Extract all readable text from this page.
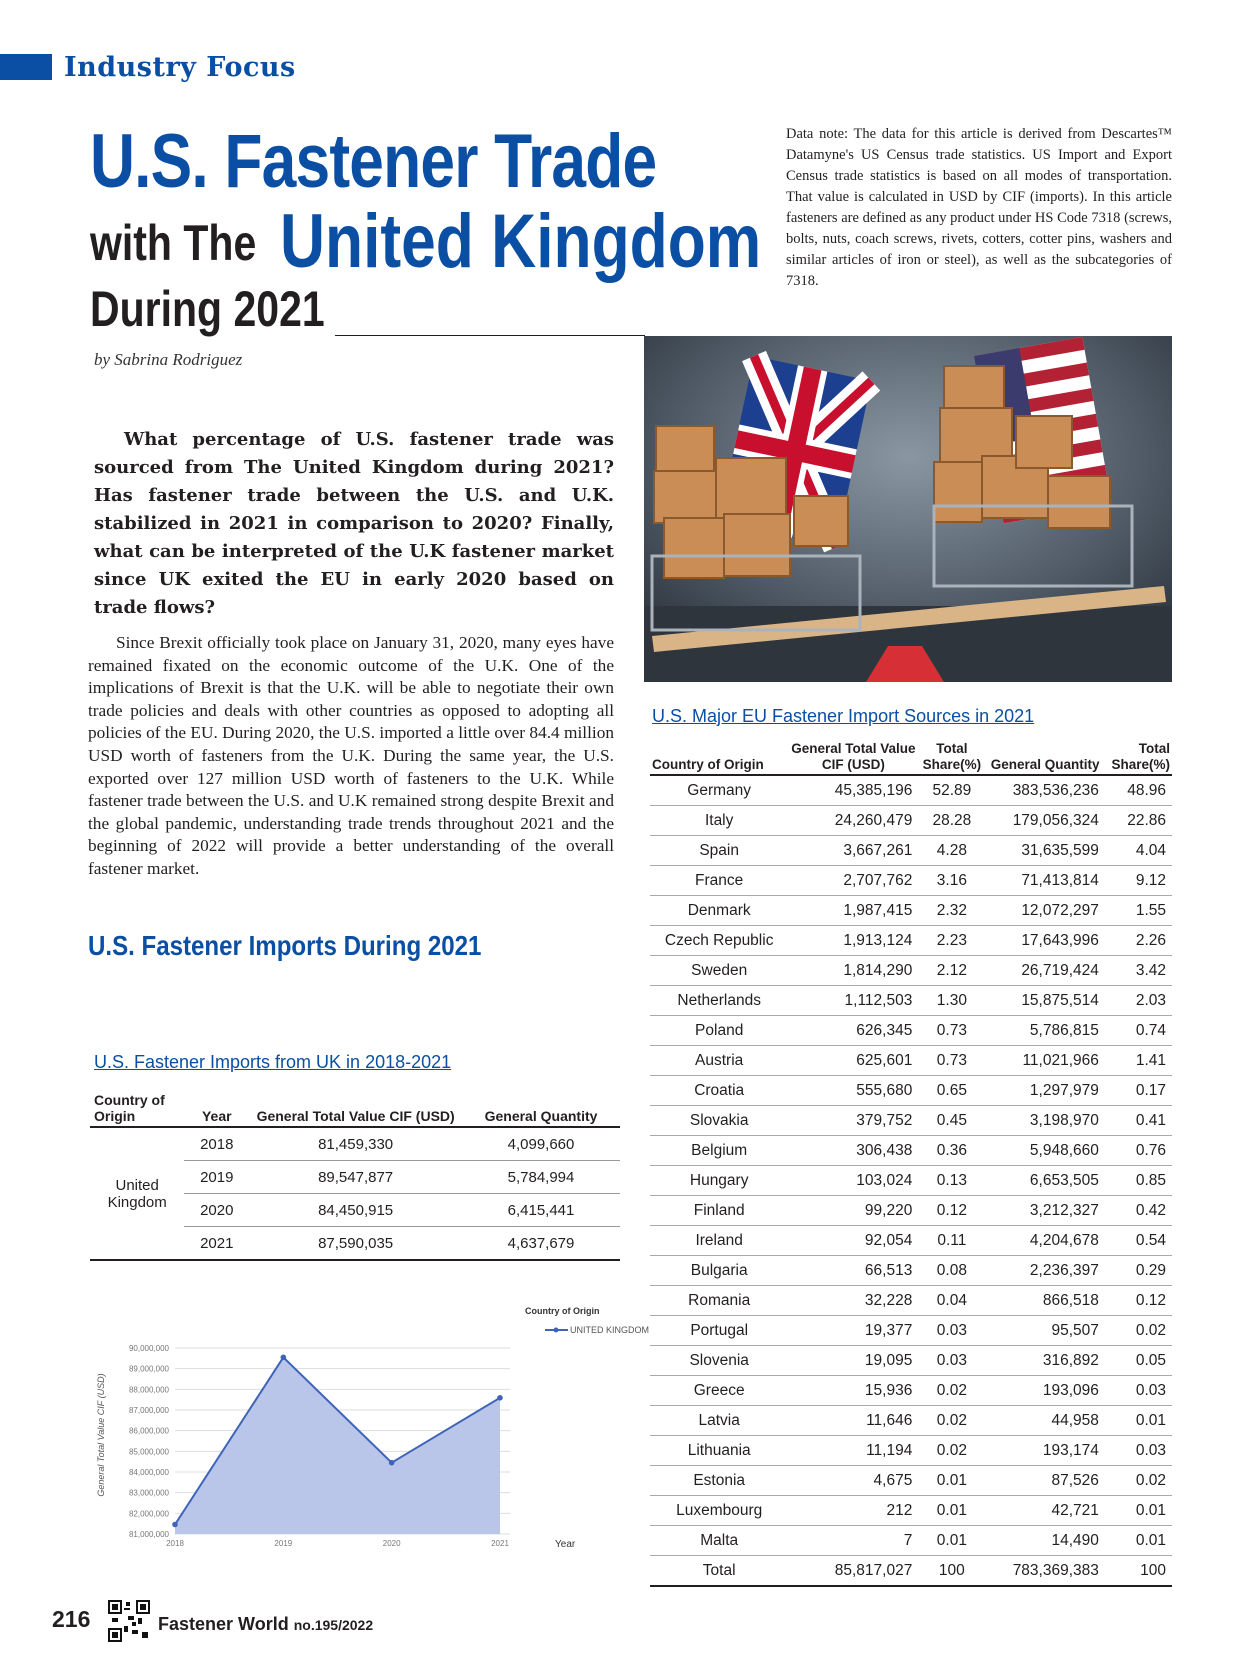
Industry Focus
U.S. Fastener Trade
with The United Kingdom
During 2021
by Sabrina Rodriguez
Data note: The data for this article is derived from Descartes™ Datamyne's US Census trade statistics. US Import and Export Census trade statistics is based on all modes of transportation. That value is calculated in USD by CIF (imports). In this article fasteners are defined as any product under HS Code 7318 (screws, bolts, nuts, coach screws, rivets, cotters, cotter pins, washers and similar articles of iron or steel), as well as the subcategories of 7318.
What percentage of U.S. fastener trade was sourced from The United Kingdom during 2021? Has fastener trade between the U.S. and U.K. stabilized in 2021 in comparison to 2020? Finally, what can be interpreted of the U.K fastener market since UK exited the EU in early 2020 based on trade flows?
Since Brexit officially took place on January 31, 2020, many eyes have remained fixated on the economic outcome of the U.K. One of the implications of Brexit is that the U.K. will be able to negotiate their own trade policies and deals with other countries as opposed to adopting all policies of the EU. During 2020, the U.S. imported a little over 84.4 million USD worth of fasteners from the U.K. During the same year, the U.S. exported over 127 million USD worth of fasteners to the U.K. While fastener trade between the U.S. and U.K remained strong despite Brexit and the global pandemic, understanding trade trends throughout 2021 and the beginning of 2022 will provide a better understanding of the overall fastener market.
U.S. Fastener Imports During 2021
U.S. Fastener Imports from UK in 2018-2021
Country of Origin	Year	General Total Value CIF (USD)	General Quantity
United Kingdom	2018	81,459,330	4,099,660
	2019	89,547,877	5,784,994
	2020	84,450,915	6,415,441
	2021	87,590,035	4,637,679
81,000,000
82,000,000
83,000,000
84,000,000
85,000,000
86,000,000
87,000,000
88,000,000
89,000,000
90,000,000
2018	2019	2020	2021
General Total Value CIF (USD)
Year
Country of Origin
UNITED KINGDOM
U.S. Major EU Fastener Import Sources in 2021
Country of Origin	General Total Value CIF (USD)	Total Share(%)	General Quantity	Total Share(%)
Germany	45,385,196	52.89	383,536,236	48.96
Italy	24,260,479	28.28	179,056,324	22.86
Spain	3,667,261	4.28	31,635,599	4.04
France	2,707,762	3.16	71,413,814	9.12
Denmark	1,987,415	2.32	12,072,297	1.55
Czech Republic	1,913,124	2.23	17,643,996	2.26
Sweden	1,814,290	2.12	26,719,424	3.42
Netherlands	1,112,503	1.30	15,875,514	2.03
Poland	626,345	0.73	5,786,815	0.74
Austria	625,601	0.73	11,021,966	1.41
Croatia	555,680	0.65	1,297,979	0.17
Slovakia	379,752	0.45	3,198,970	0.41
Belgium	306,438	0.36	5,948,660	0.76
Hungary	103,024	0.13	6,653,505	0.85
Finland	99,220	0.12	3,212,327	0.42
Ireland	92,054	0.11	4,204,678	0.54
Bulgaria	66,513	0.08	2,236,397	0.29
Romania	32,228	0.04	866,518	0.12
Portugal	19,377	0.03	95,507	0.02
Slovenia	19,095	0.03	316,892	0.05
Greece	15,936	0.02	193,096	0.03
Latvia	11,646	0.02	44,958	0.01
Lithuania	11,194	0.02	193,174	0.03
Estonia	4,675	0.01	87,526	0.02
Luxembourg	212	0.01	42,721	0.01
Malta	7	0.01	14,490	0.01
Total	85,817,027	100	783,369,383	100
216	Fastener World no.195/2022
